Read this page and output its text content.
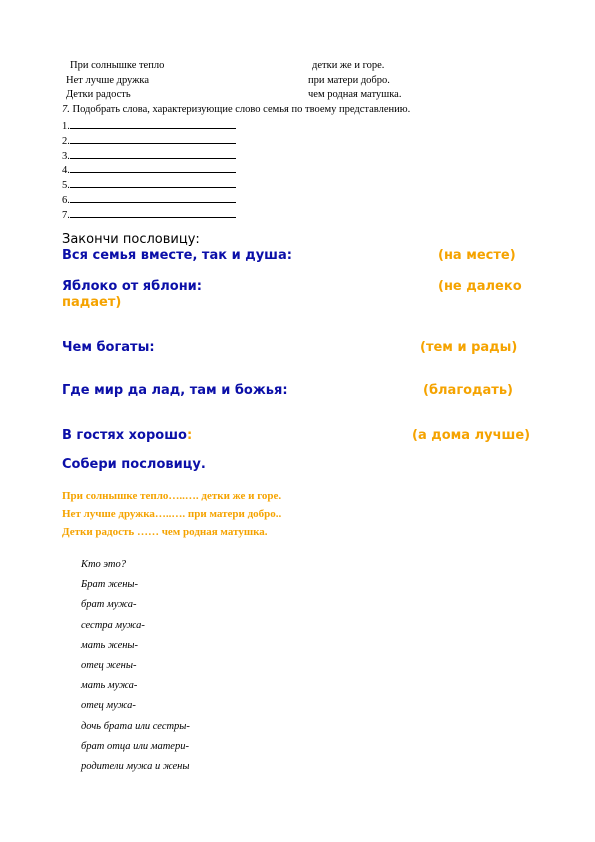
При солнышке тепло	детки же и горе.
Нет лучше дружка	при матери добро.
Детки радость	чем родная матушка.
7. Подобрать слова, характеризующие слово семья по твоему представлению.
1.
2.
3.
4.
5.
6.
7.
Закончи пословицу:
Вся семья вместе, так и душа:	(на месте)
Яблоко от яблони:	(не далеко
падает)
Чем богаты:	(тем и рады)
Где мир да лад, там и божья:	(благодать)
В гостях хорошо:	(а дома лучше)
Собери пословицу.
При солнышке тепло…..…. детки же и горе.
Нет лучше дружка…..…. при матери добро..
Детки радость …… чем родная матушка.
Кто это?
Брат жены-
брат мужа-
сестра мужа-
мать жены-
отец жены-
мать мужа-
отец мужа-
дочь брата или сестры-
брат отца или матери-
родители мужа и жены
